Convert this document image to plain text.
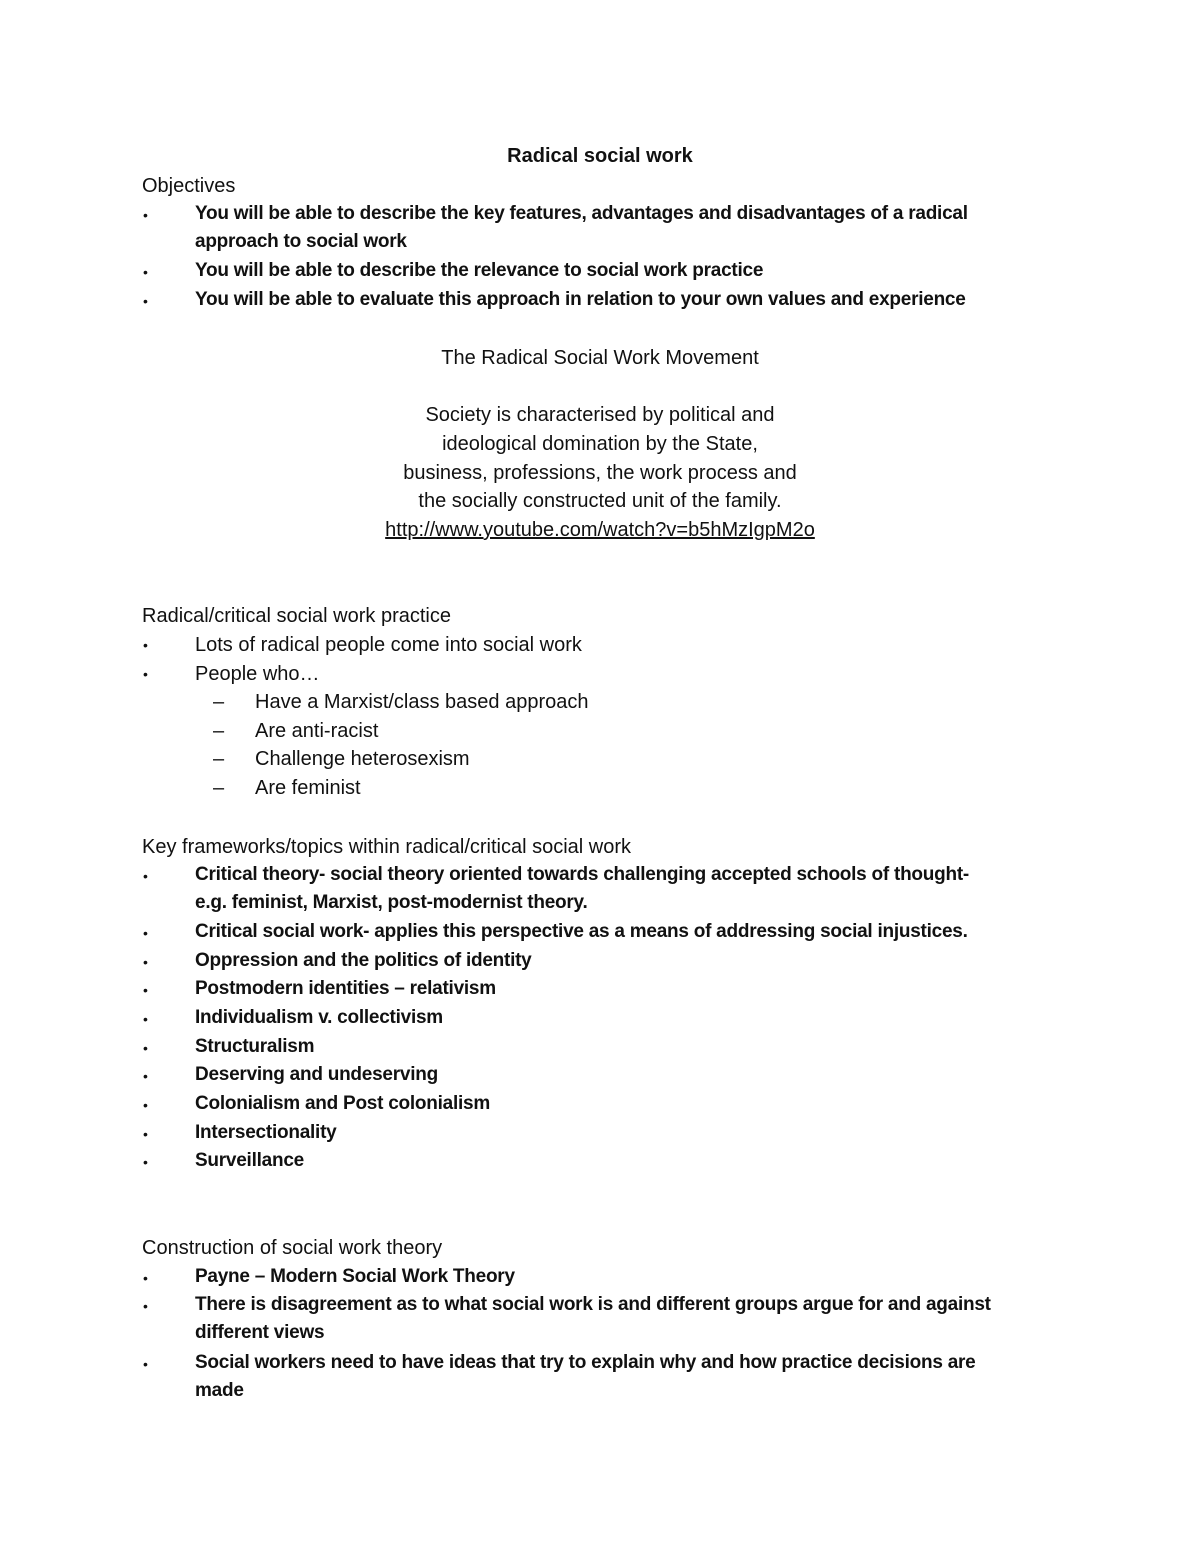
Radical social work
Objectives
• You will be able to describe the key features, advantages and disadvantages of a radical
approach to social work
• You will be able to describe the relevance to social work practice
• You will be able to evaluate this approach in relation to your own values and experience
The Radical Social Work Movement
Society is characterised by political and
ideological domination by the State,
business, professions, the work process and
the socially constructed unit of the family.
http://www.youtube.com/watch?v=b5hMzIgpM2o
Radical/critical social work practice
• Lots of radical people come into social work
• People who…
– Have a Marxist/class based approach
– Are anti-racist
– Challenge heterosexism
– Are feminist
Key frameworks/topics within radical/critical social work
• Critical theory- social theory oriented towards challenging accepted schools of thought-
e.g. feminist, Marxist, post-modernist theory.
• Critical social work- applies this perspective as a means of addressing social injustices.
• Oppression and the politics of identity
• Postmodern identities – relativism
• Individualism v. collectivism
• Structuralism
• Deserving and undeserving
• Colonialism and Post colonialism
• Intersectionality
• Surveillance
Construction of social work theory
• Payne – Modern Social Work Theory
• There is disagreement as to what social work is and different groups argue for and against
different views
• Social workers need to have ideas that try to explain why and how practice decisions are
made
